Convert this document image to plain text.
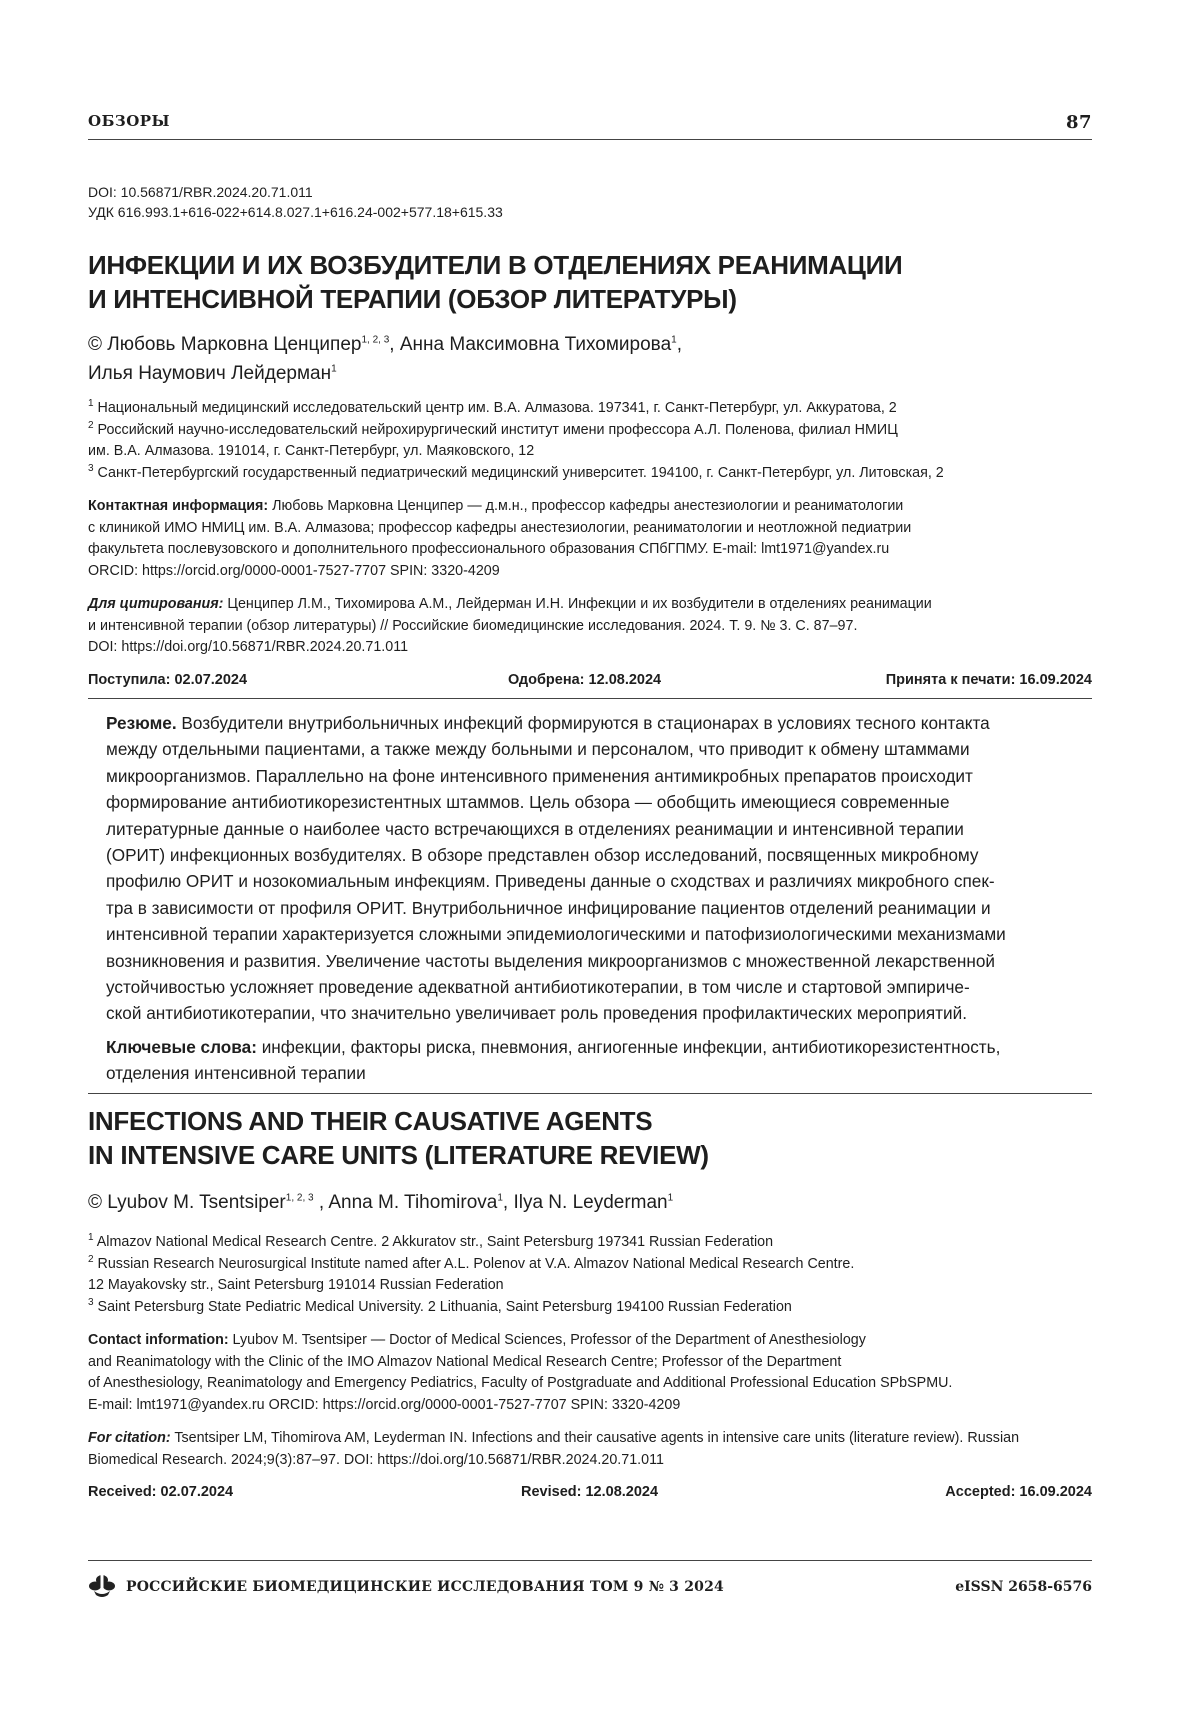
ОБЗОРЫ	87
DOI: 10.56871/RBR.2024.20.71.011
УДК 616.993.1+616-022+614.8.027.1+616.24-002+577.18+615.33
ИНФЕКЦИИ И ИХ ВОЗБУДИТЕЛИ В ОТДЕЛЕНИЯХ РЕАНИМАЦИИ
И ИНТЕНСИВНОЙ ТЕРАПИИ (ОБЗОР ЛИТЕРАТУРЫ)
© Любовь Марковна Ценципер$^{1, 2, 3}$, Анна Максимовна Тихомирова$^1$,
Илья Наумович Лейдерман$^1$
$^1$ Национальный медицинский исследовательский центр им. В.А. Алмазова. 197341, г. Санкт-Петербург, ул. Аккуратова, 2
$^2$ Российский научно-исследовательский нейрохирургический институт имени профессора А.Л. Поленова, филиал НМИЦ
им. В.А. Алмазова. 191014, г. Санкт-Петербург, ул. Маяковского, 12
$^3$ Санкт-Петербургский государственный педиатрический медицинский университет. 194100, г. Санкт-Петербург, ул. Литовская, 2
Контактная информация: Любовь Марковна Ценципер — д.м.н., профессор кафедры анестезиологии и реаниматологии
с клиникой ИМО НМИЦ им. В.А. Алмазова; профессор кафедры анестезиологии, реаниматологии и неотложной педиатрии
факультета послевузовского и дополнительного профессионального образования СПбГПМУ. E-mail: lmt1971@yandex.ru
ORCID: https://orcid.org/0000-0001-7527-7707 SPIN: 3320-4209
Для цитирования: Ценципер Л.М., Тихомирова А.М., Лейдерман И.Н. Инфекции и их возбудители в отделениях реанимации
и интенсивной терапии (обзор литературы) // Российские биомедицинские исследования. 2024. Т. 9. № 3. С. 87–97.
DOI: https://doi.org/10.56871/RBR.2024.20.71.011
Поступила: 02.07.2024	Одобрена: 12.08.2024	Принята к печати: 16.09.2024
Резюме. Возбудители внутрибольничных инфекций формируются в стационарах в условиях тесного контакта
между отдельными пациентами, а также между больными и персоналом, что приводит к обмену штаммами
микроорганизмов. Параллельно на фоне интенсивного применения антимикробных препаратов происходит
формирование антибиотикорезистентных штаммов. Цель обзора — обобщить имеющиеся современные
литературные данные о наиболее часто встречающихся в отделениях реанимации и интенсивной терапии
(ОРИТ) инфекционных возбудителях. В обзоре представлен обзор исследований, посвященных микробному
профилю ОРИТ и нозокомиальным инфекциям. Приведены данные о сходствах и различиях микробного спек-
тра в зависимости от профиля ОРИТ. Внутрибольничное инфицирование пациентов отделений реанимации и
интенсивной терапии характеризуется сложными эпидемиологическими и патофизиологическими механизмами
возникновения и развития. Увеличение частоты выделения микроорганизмов с множественной лекарственной
устойчивостью усложняет проведение адекватной антибиотикотерапии, в том числе и стартовой эмпириче-
ской антибиотикотерапии, что значительно увеличивает роль проведения профилактических мероприятий.
Ключевые слова: инфекции, факторы риска, пневмония, ангиогенные инфекции, антибиотикорезистентность,
отделения интенсивной терапии
INFECTIONS AND THEIR CAUSATIVE AGENTS
IN INTENSIVE CARE UNITS (LITERATURE REVIEW)
© Lyubov M. Tsentsiper$^{1, 2, 3}$ , Anna M. Tihomirova$^1$, Ilya N. Leyderman$^1$
$^1$ Almazov National Medical Research Centre. 2 Akkuratov str., Saint Petersburg 197341 Russian Federation
$^2$ Russian Research Neurosurgical Institute named after A.L. Polenov at V.A. Almazov National Medical Research Centre.
12 Mayakovsky str., Saint Petersburg 191014 Russian Federation
$^3$ Saint Petersburg State Pediatric Medical University. 2 Lithuania, Saint Petersburg 194100 Russian Federation
Contact information: Lyubov M. Tsentsiper — Doctor of Medical Sciences, Professor of the Department of Anesthesiology
and Reanimatology with the Clinic of the IMO Almazov National Medical Research Centre; Professor of the Department
of Anesthesiology, Reanimatology and Emergency Pediatrics, Faculty of Postgraduate and Additional Professional Education SPbSPMU.
E-mail: lmt1971@yandex.ru ORCID: https://orcid.org/0000-0001-7527-7707 SPIN: 3320-4209
For citation: Tsentsiper LM, Tihomirova AM, Leyderman IN. Infections and their causative agents in intensive care units (literature review). Russian
Biomedical Research. 2024;9(3):87–97. DOI: https://doi.org/10.56871/RBR.2024.20.71.011
Received: 02.07.2024	Revised: 12.08.2024	Accepted: 16.09.2024
РОССИЙСКИЕ БИОМЕДИЦИНСКИЕ ИССЛЕДОВАНИЯ ТОМ 9 № 3 2024	eISSN 2658-6576
